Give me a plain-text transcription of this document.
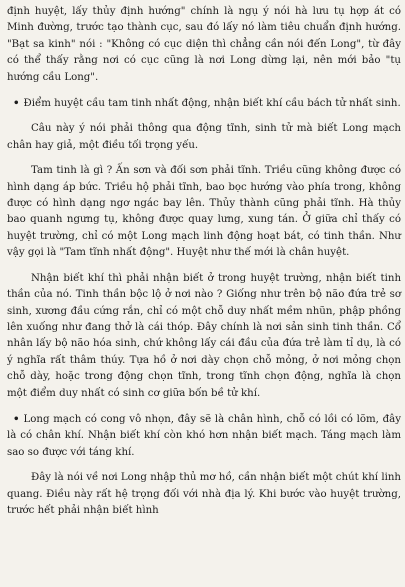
định huyệt, lấy thủy định hướng" chính là ngụ ý nói hà lưu tụ hợp át có Minh đường, trước tạo thành cục, sau đó lấy nó làm tiêu chuẩn định hướng. "Bạt sa kinh" nói : "Không có cục diện thì chẳng cần nói đến Long", từ đây có thể thấy rằng nơi có cục cũng là nơi Long dừng lại, nên mới bảo "tụ hướng cầu Long".

• Điểm huyệt cầu tam tinh nhất động, nhận biết khí cầu bách tử nhất sinh.

Câu này ý nói phải thông qua động tĩnh, sinh tử mà biết Long mạch chân hay giả, một điều tối trọng yếu.

Tam tinh là gì ? Ấn sơn và đối sơn phải tĩnh. Triều cũng không được có hình dạng áp bức. Triều hộ phải tĩnh, bao bọc hướng vào phía trong, không được có hình dạng ngơ ngác bay lên. Thủy thành cũng phải tĩnh. Hà thủy bao quanh ngưng tụ, không được quay lưng, xung tán. Ở giữa chỉ thấy có huyệt trường, chỉ có một Long mạch linh động hoạt bát, có tinh thần. Như vậy gọi là "Tam tĩnh nhất động". Huyệt như thế mới là chân huyệt.

Nhận biết khí thì phải nhận biết ở trong huyệt trường, nhận biết tinh thần của nó. Tinh thần bộc lộ ở nơi nào ? Giống như trên bộ não đứa trẻ sơ sinh, xương đầu cứng rắn, chỉ có một chỗ duy nhất mềm nhũn, phập phồng lên xuống như đang thở là cái thóp. Đây chính là nơi sản sinh tinh thần. Cổ nhân lấy bộ não hóa sinh, chứ không lấy cái đầu của đứa trẻ làm tỉ dụ, là có ý nghĩa rất thâm thúy. Tựa hồ ở nơi dày chọn chỗ mỏng, ở nơi mỏng chọn chỗ dày, hoặc trong động chọn tĩnh, trong tĩnh chọn động, nghĩa là chọn một điểm duy nhất có sinh cơ giữa bốn bề tử khí.

• Long mạch có cong vô nhọn, đây sẽ là chân hình, chỗ có lồi có lõm, đây là có chân khí. Nhận biết khí còn khó hơn nhận biết mạch. Táng mạch làm sao so được với táng khí.

Đây là nói về nơi Long nhập thủ mơ hồ, cần nhận biết một chút khí linh quang. Điều này rất hệ trọng đối với nhà địa lý. Khi bước vào huyệt trường, trước hết phải nhận biết hình
